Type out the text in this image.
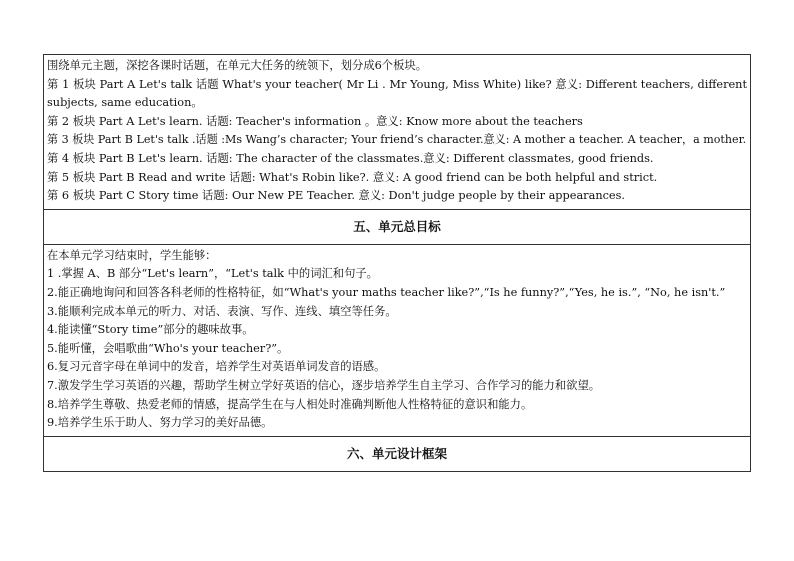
围绕单元主题，深挖各课时话题，在单元大任务的统领下，划分成6个板块。
第 1 板块 Part A Let's talk 话题 What's your teacher( Mr Li . Mr Young, Miss White) like? 意义: Different teachers, different
subjects, same education。
第 2 板块 Part A Let's learn. 话题: Teacher's information 。意义: Know more about the teachers
第 3 板块 Part B Let's talk .话题 :Ms Wang’s character; Your friend’s character.意义: A mother a teacher. A teacher，a mother.
第 4 板块 Part B Let's learn. 话题: The character of the classmates.意义: Different classmates, good friends.
第 5 板块 Part B Read and write 话题: What's Robin like?. 意义: A good friend can be both helpful and strict.
第 6 板块 Part C Story time 话题: Our New PE Teacher. 意义: Don't judge people by their appearances.

五、单元总目标

在本单元学习结束时，学生能够：
1 .掌握 A、B 部分“Let's learn”，“Let's talk 中的词汇和句子。
2.能正确地询问和回答各科老师的性格特征，如“What's your maths teacher like?”,“Is he funny?”,“Yes, he is.”, “No, he isn't.”
3.能顺利完成本单元的听力、对话、表演、写作、连线、填空等任务。
4.能读懂“Story time”部分的趣味故事。
5.能听懂，会唱歌曲“Who's your teacher?”。
6.复习元音字母在单词中的发音，培养学生对英语单词发音的语感。
7.激发学生学习英语的兴趣，帮助学生树立学好英语的信心，逐步培养学生自主学习、合作学习的能力和欲望。
8.培养学生尊敬、热爱老师的情感，提高学生在与人相处时准确判断他人性格特征的意识和能力。
9.培养学生乐于助人、努力学习的美好品德。

六、单元设计框架
